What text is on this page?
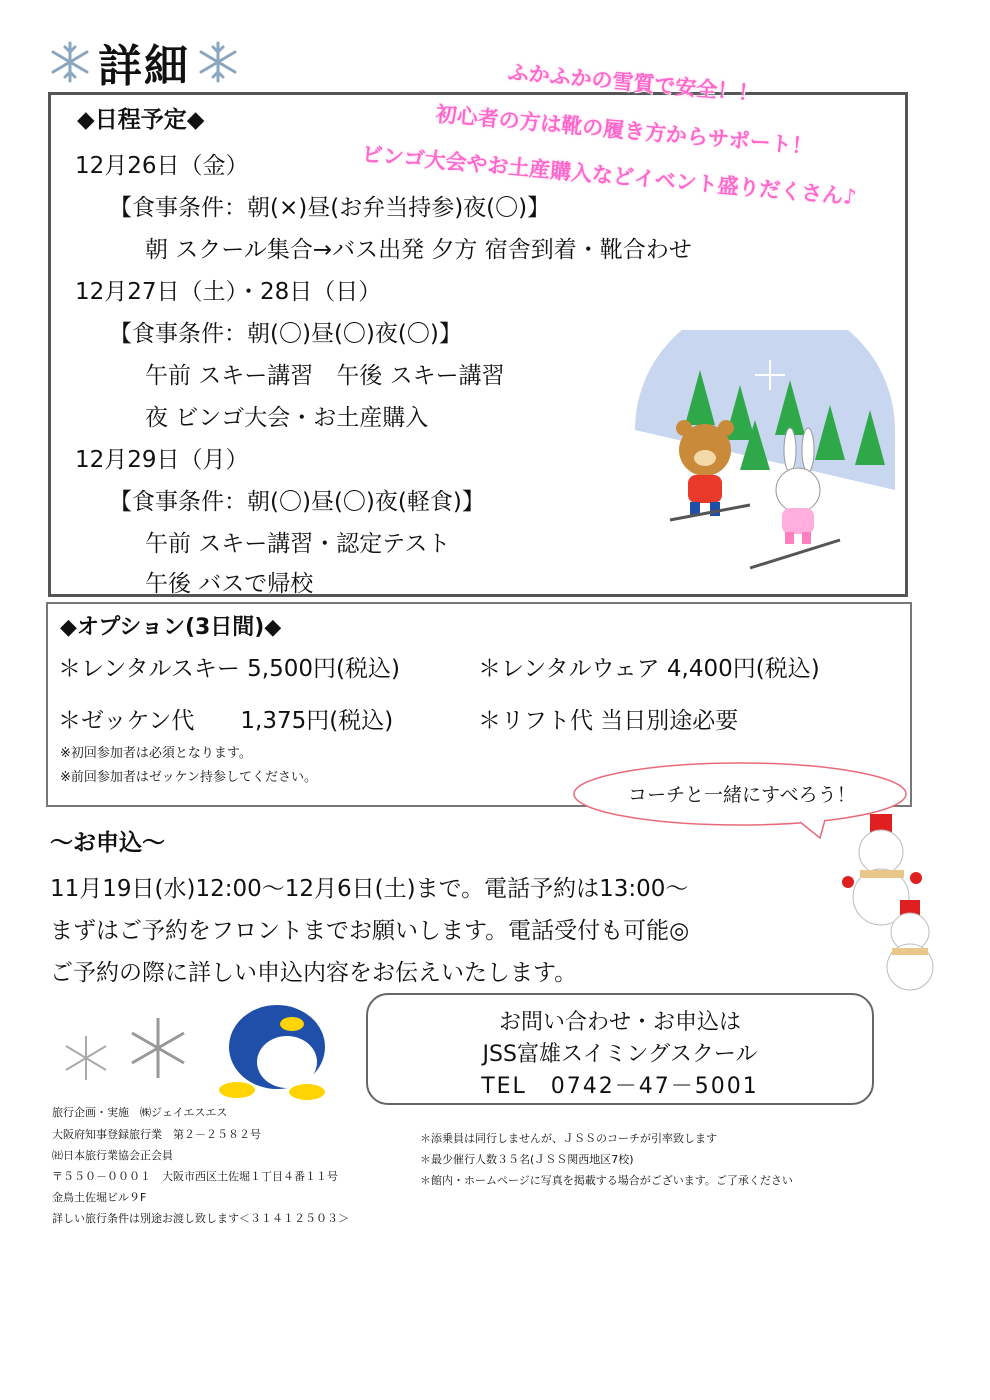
詳細
◆日程予定◆
12月26日（金）
【食事条件：朝(×)昼(お弁当持参)夜(〇)】
朝 スクール集合→バス出発 夕方 宿舎到着・靴合わせ
12月27日（土）・28日（日）
【食事条件：朝(〇)昼(〇)夜(〇)】
午前 スキー講習　午後 スキー講習
夜 ビンゴ大会・お土産購入
12月29日（月）
【食事条件：朝(〇)昼(〇)夜(軽食)】
午前 スキー講習・認定テスト
午後 バスで帰校
ふかふかの雪質で安全！！
初心者の方は靴の履き方からサポート！
ビンゴ大会やお土産購入などイベント盛りだくさん♪
◆オプション(3日間)◆
＊レンタルスキー 5,500円(税込)	＊レンタルウェア 4,400円(税込)
＊ゼッケン代　　1,375円(税込)	＊リフト代 当日別途必要
※初回参加者は必須となります。
※前回参加者はゼッケン持参してください。
コーチと一緒にすべろう！
～お申込～
11月19日(水)12:00～12月6日(土)まで。電話予約は13:00～
まずはご予約をフロントまでお願いします。電話受付も可能◎
ご予約の際に詳しい申込内容をお伝えいたします。
お問い合わせ・お申込は
JSS富雄スイミングスクール
TEL　0742－47－5001
旅行企画・実施　㈱ジェイエスエス
大阪府知事登録旅行業　第２－２５８２号
㈳日本旅行業協会正会員
〒５５０－０００１　大阪市西区土佐堀１丁目４番１１号
金鳥土佐堀ビル９F
詳しい旅行条件は別途お渡し致します＜３１４１２５０３＞
＊添乗員は同行しませんが、ＪＳＳのコーチが引率致します
＊最少催行人数３５名(ＪＳＳ関西地区7校)
＊館内・ホームページに写真を掲載する場合がございます。ご了承ください
